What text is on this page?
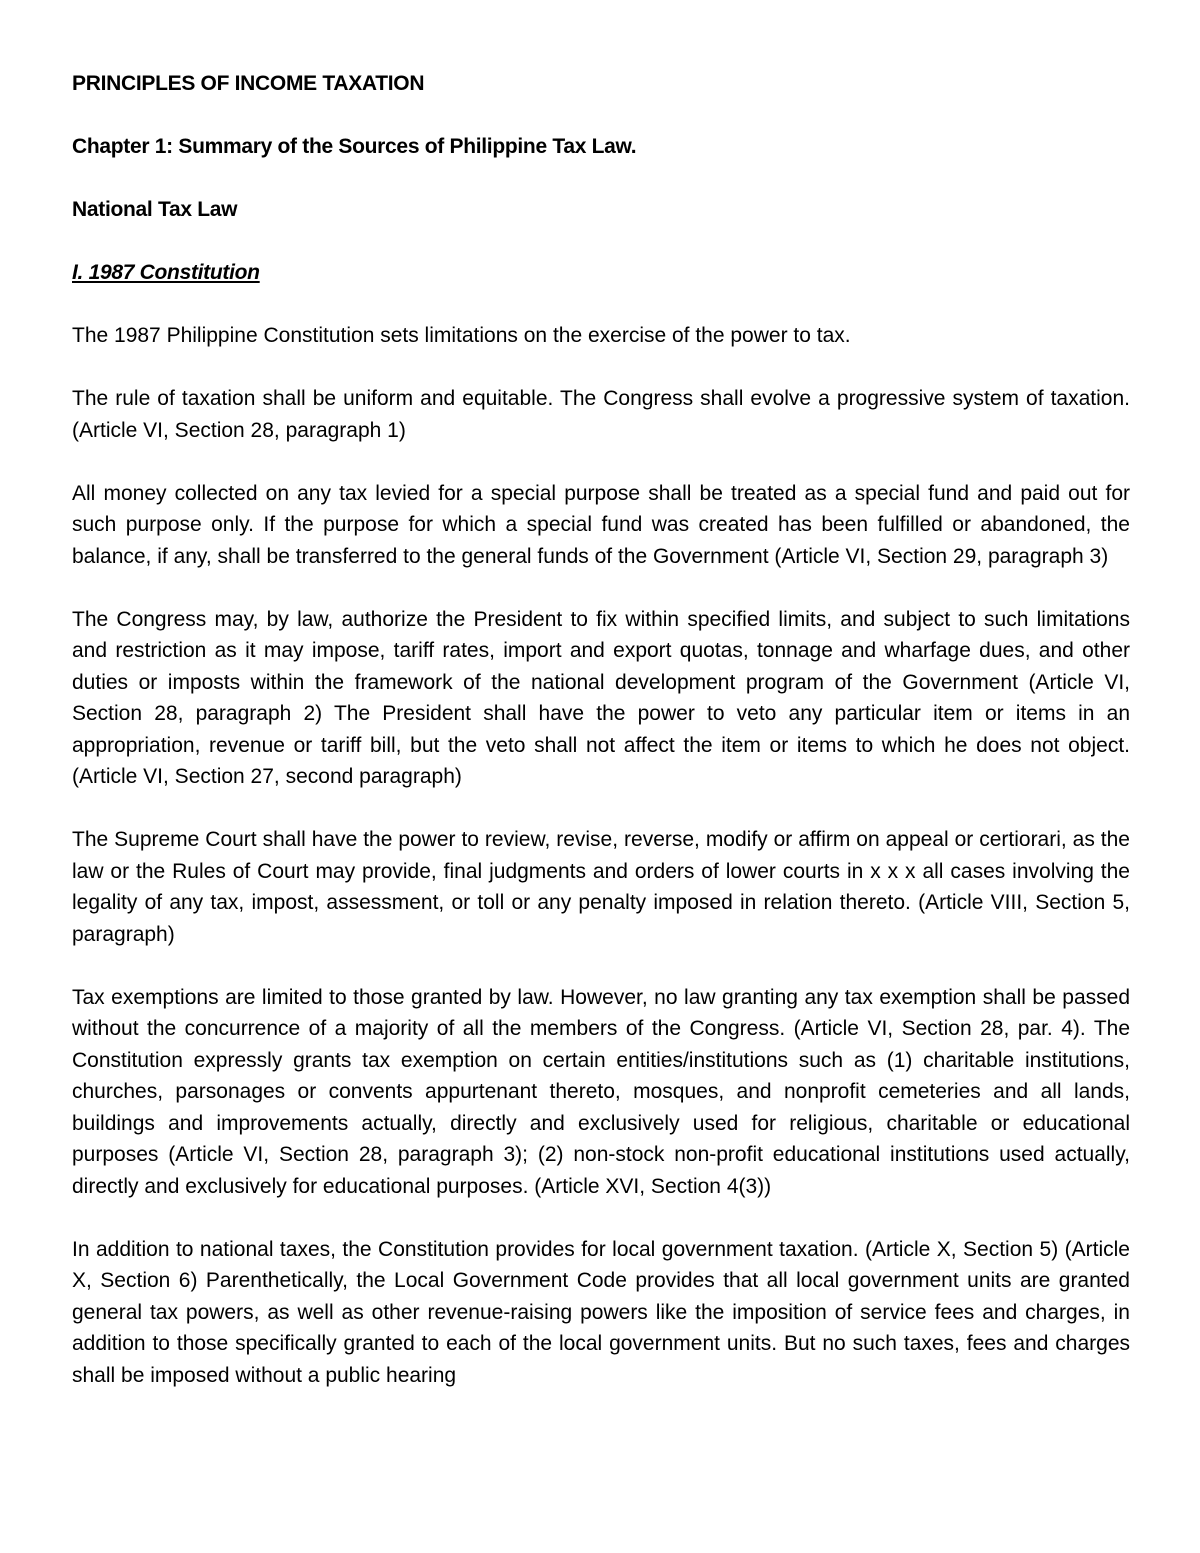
PRINCIPLES OF INCOME TAXATION
Chapter 1: Summary of the Sources of Philippine Tax Law.
National Tax Law
I. 1987 Constitution

The 1987 Philippine Constitution sets limitations on the exercise of the power to tax.

The rule of taxation shall be uniform and equitable. The Congress shall evolve a progressive system of taxation. (Article VI, Section 28, paragraph 1)

All money collected on any tax levied for a special purpose shall be treated as a special fund and paid out for such purpose only. If the purpose for which a special fund was created has been fulfilled or abandoned, the balance, if any, shall be transferred to the general funds of the Government (Article VI, Section 29, paragraph 3)

The Congress may, by law, authorize the President to fix within specified limits, and subject to such limitations and restriction as it may impose, tariff rates, import and export quotas, tonnage and wharfage dues, and other duties or imposts within the framework of the national development program of the Government (Article VI, Section 28, paragraph 2) The President shall have the power to veto any particular item or items in an appropriation, revenue or tariff bill, but the veto shall not affect the item or items to which he does not object. (Article VI, Section 27, second paragraph)

The Supreme Court shall have the power to review, revise, reverse, modify or affirm on appeal or certiorari, as the law or the Rules of Court may provide, final judgments and orders of lower courts in x x x all cases involving the legality of any tax, impost, assessment, or toll or any penalty imposed in relation thereto. (Article VIII, Section 5, paragraph)

Tax exemptions are limited to those granted by law. However, no law granting any tax exemption shall be passed without the concurrence of a majority of all the members of the Congress. (Article VI, Section 28, par. 4). The Constitution expressly grants tax exemption on certain entities/institutions such as (1) charitable institutions, churches, parsonages or convents appurtenant thereto, mosques, and nonprofit cemeteries and all lands, buildings and improvements actually, directly and exclusively used for religious, charitable or educational purposes (Article VI, Section 28, paragraph 3); (2) non-stock non-profit educational institutions used actually, directly and exclusively for educational purposes. (Article XVI, Section 4(3))

In addition to national taxes, the Constitution provides for local government taxation. (Article X, Section 5) (Article X, Section 6) Parenthetically, the Local Government Code provides that all local government units are granted general tax powers, as well as other revenue-raising powers like the imposition of service fees and charges, in addition to those specifically granted to each of the local government units. But no such taxes, fees and charges shall be imposed without a public hearing
